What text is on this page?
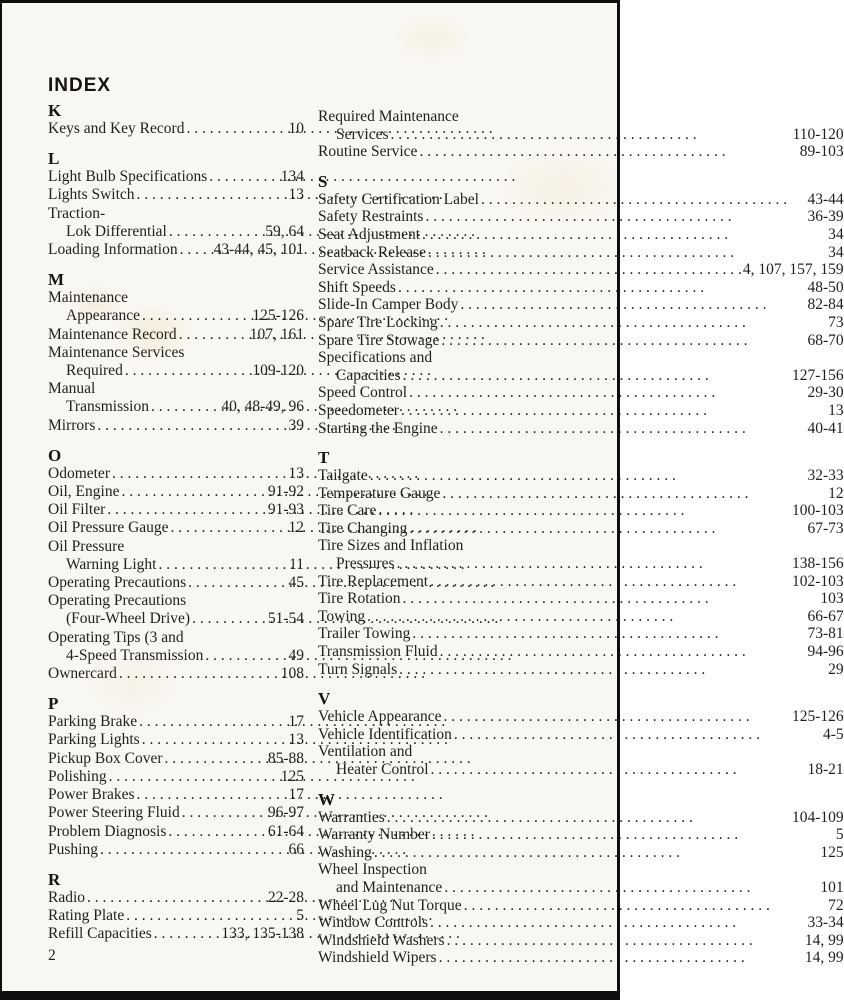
INDEX
K
Keys and Key Record . . .	10
L
Light Bulb Specifications . . .	134
Lights Switch . . .	13
Traction-
Lok Differential . . .	59, 64
Loading Information . . . 43-44, 45, 101
M
Maintenance
Appearance . . .	125-126
Maintenance Record . . .	107, 161
Maintenance Services
Required . . .	109-120
Manual
Transmission . . .	40, 48-49, 96
Mirrors . . .	39
O
Odometer . . .	13
Oil, Engine . . .	91-92
Oil Filter . . .	91-93
Oil Pressure Gauge . . .	12
Oil Pressure
Warning Light . . .	11
Operating Precautions . . .	45
Operating Precautions
(Four-Wheel Drive) . . .	51-54
Operating Tips (3 and
4-Speed Transmission . . .	49
Ownercard . . .	108
P
Parking Brake . . .	17
Parking Lights . . .	13
Pickup Box Cover . . .	85-88
Polishing . . .	125
Power Brakes . . .	17
Power Steering Fluid . . .	96-97
Problem Diagnosis . . .	61-64
Pushing . . .	66
R
Radio . . .	22-28
Rating Plate . . .	5
Refill Capacities . . .	133, 135-138
2
Required Maintenance
Services . . .	110-120
Routine Service . . .	89-103
S
Safety Certification Label . . .	43-44
Safety Restraints . . .	36-39
Seat Adjustment . . .	34
Seatback Release . . .	34
Service Assistance . . .	4, 107, 157, 159
Shift Speeds . . .	48-50
Slide-In Camper Body . . .	82-84
Spare Tire Locking . . .	73
Spare Tire Stowage . . .	68-70
Specifications and
Capacities . . .	127-156
Speed Control . . .	29-30
Speedometer . . .	13
Starting the Engine . . .	40-41
T
Tailgate . . .	32-33
Temperature Gauge . . .	12
Tire Care . . .	100-103
Tire Changing . . .	67-73
Tire Sizes and Inflation
Pressures . . .	138-156
Tire Replacement . . .	102-103
Tire Rotation . . .	103
Towing . . .	66-67
Trailer Towing . . .	73-81
Transmission Fluid . . .	94-96
Turn Signals . . .	29
V
Vehicle Appearance . . .	125-126
Vehicle Identification . . .	4-5
Ventilation and
Heater Control . . .	18-21
W
Warranties . . .	104-109
Warranty Number . . .	5
Washing . . .	125
Wheel Inspection
and Maintenance . . .	101
Wheel Lug Nut Torque . . .	72
Window Controls . . .	33-34
Windshield Washers . . .	14, 99
Windshield Wipers . . .	14, 99
